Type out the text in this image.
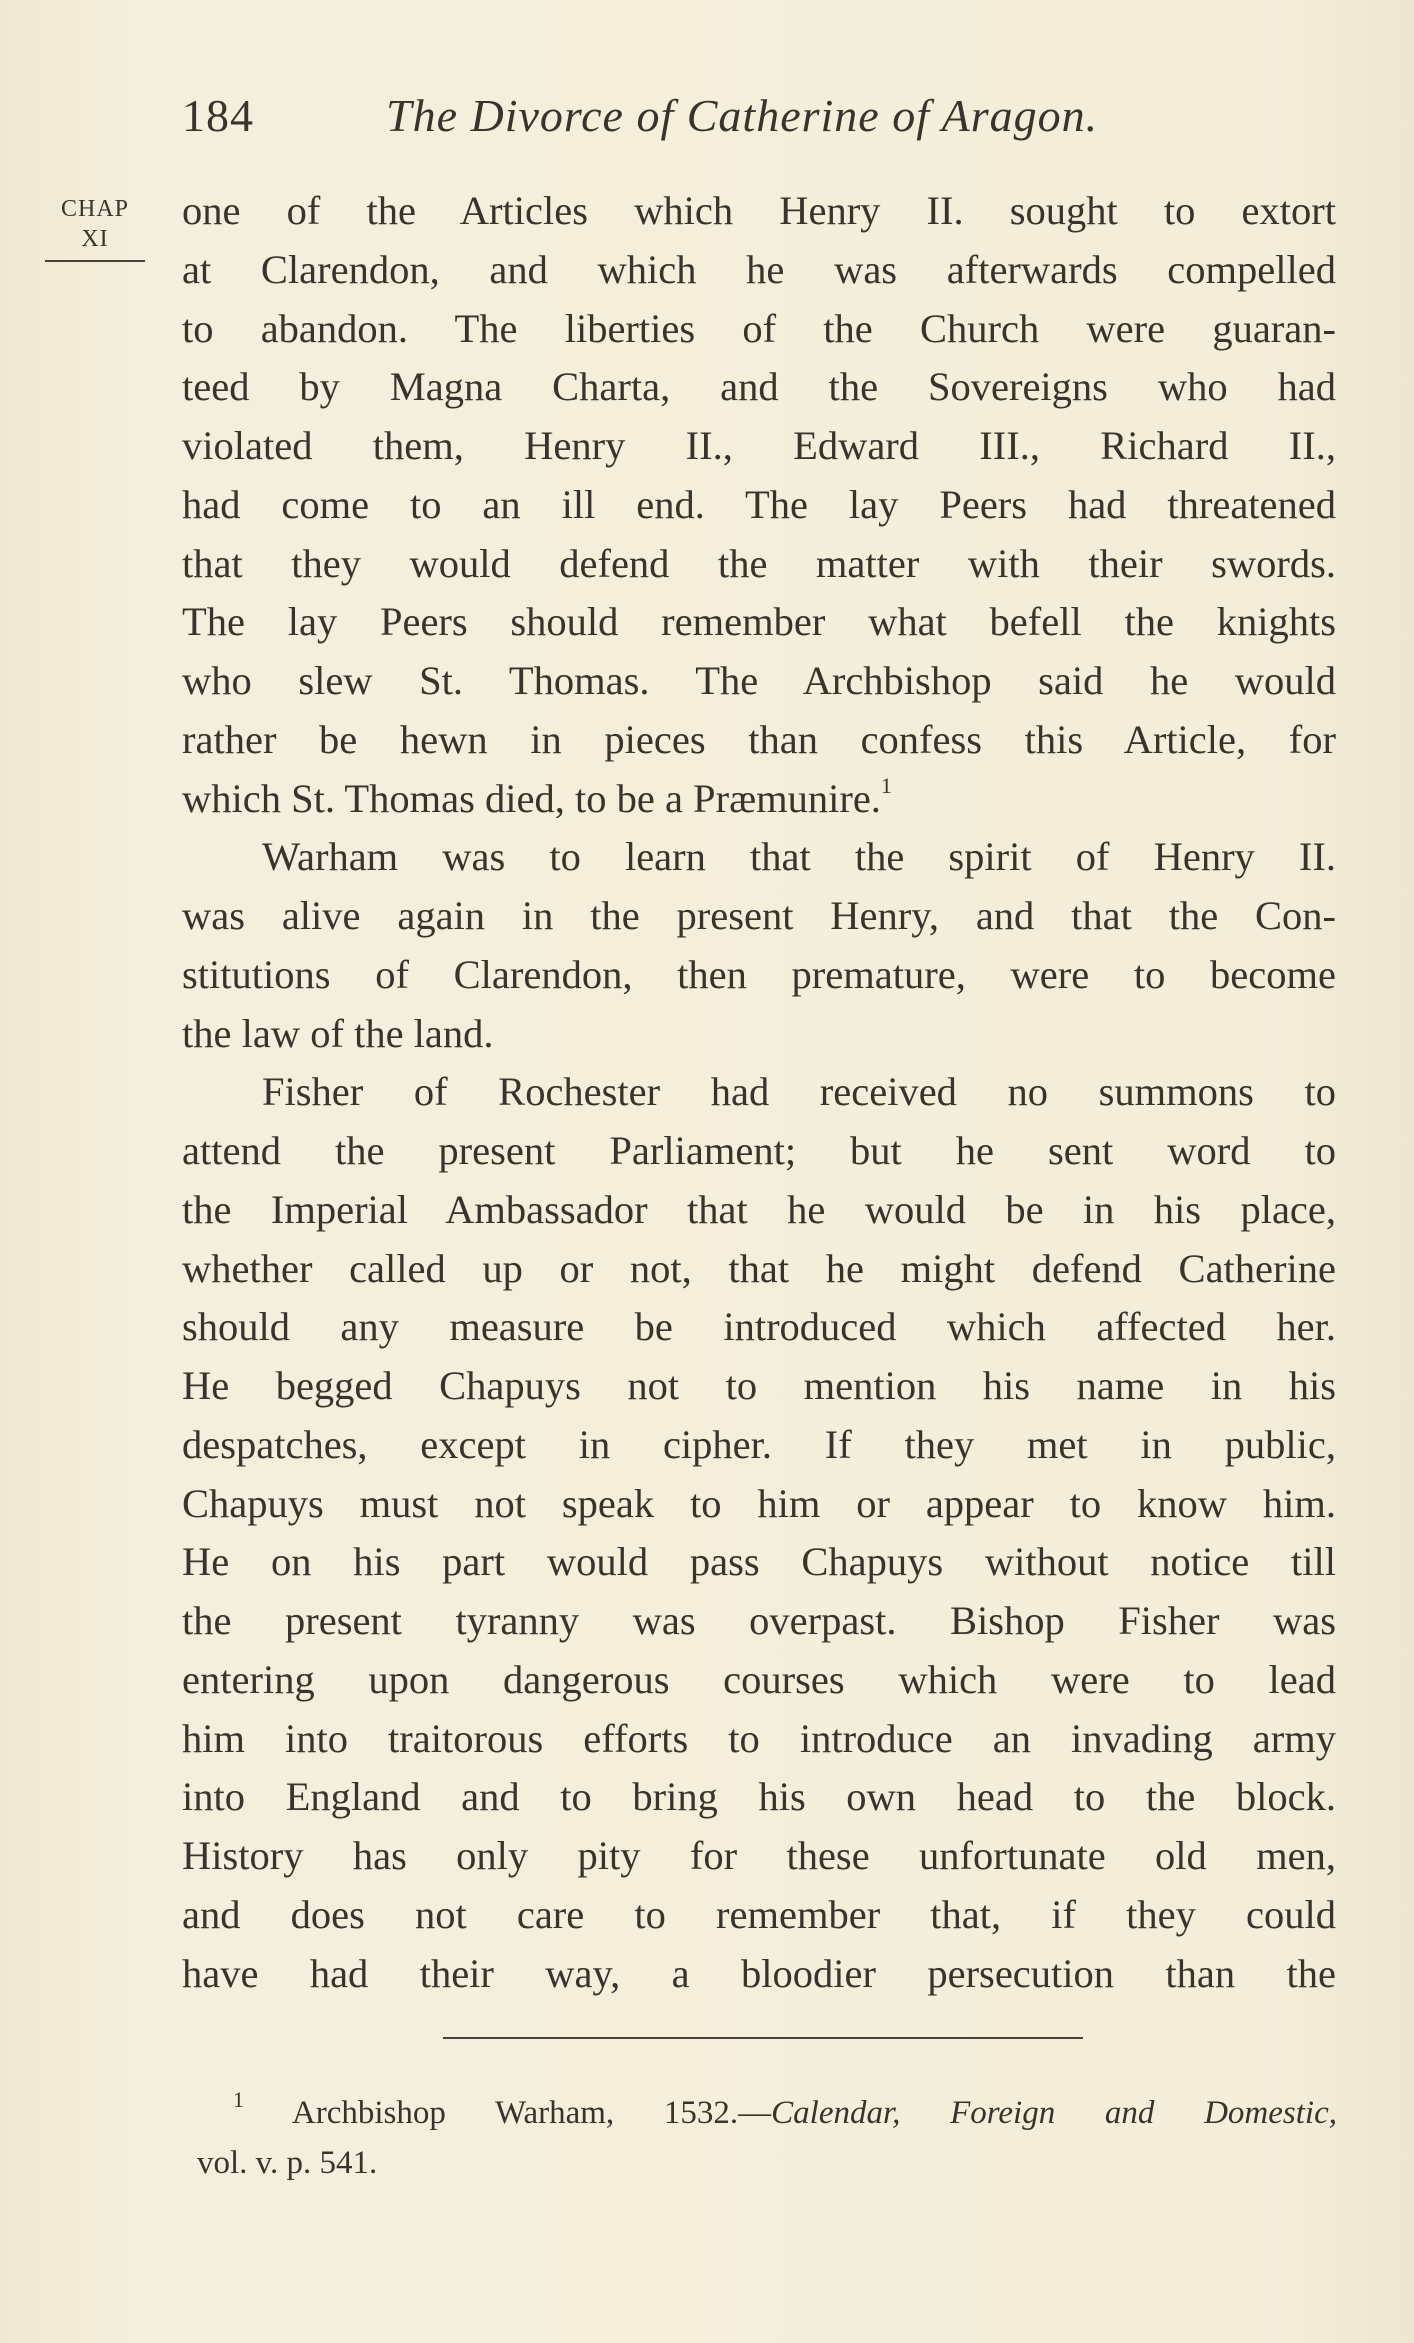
184	The Divorce of Catherine of Aragon.
CHAP
XI
one of the Articles which Henry II. sought to extort
at Clarendon, and which he was afterwards compelled
to abandon. The liberties of the Church were guaran-
teed by Magna Charta, and the Sovereigns who had
violated them, Henry II., Edward III., Richard II.,
had come to an ill end. The lay Peers had threatened
that they would defend the matter with their swords.
The lay Peers should remember what befell the knights
who slew St. Thomas. The Archbishop said he would
rather be hewn in pieces than confess this Article, for
which St. Thomas died, to be a Præmunire.$^1$
Warham was to learn that the spirit of Henry II.
was alive again in the present Henry, and that the Con-
stitutions of Clarendon, then premature, were to become
the law of the land.
Fisher of Rochester had received no summons to
attend the present Parliament; but he sent word to
the Imperial Ambassador that he would be in his place,
whether called up or not, that he might defend Catherine
should any measure be introduced which affected her.
He begged Chapuys not to mention his name in his
despatches, except in cipher. If they met in public,
Chapuys must not speak to him or appear to know him.
He on his part would pass Chapuys without notice till
the present tyranny was overpast. Bishop Fisher was
entering upon dangerous courses which were to lead
him into traitorous efforts to introduce an invading army
into England and to bring his own head to the block.
History has only pity for these unfortunate old men,
and does not care to remember that, if they could
have had their way, a bloodier persecution than the
$^1$ Archbishop Warham, 1532.—Calendar, Foreign and Domestic,
vol. v. p. 541.
